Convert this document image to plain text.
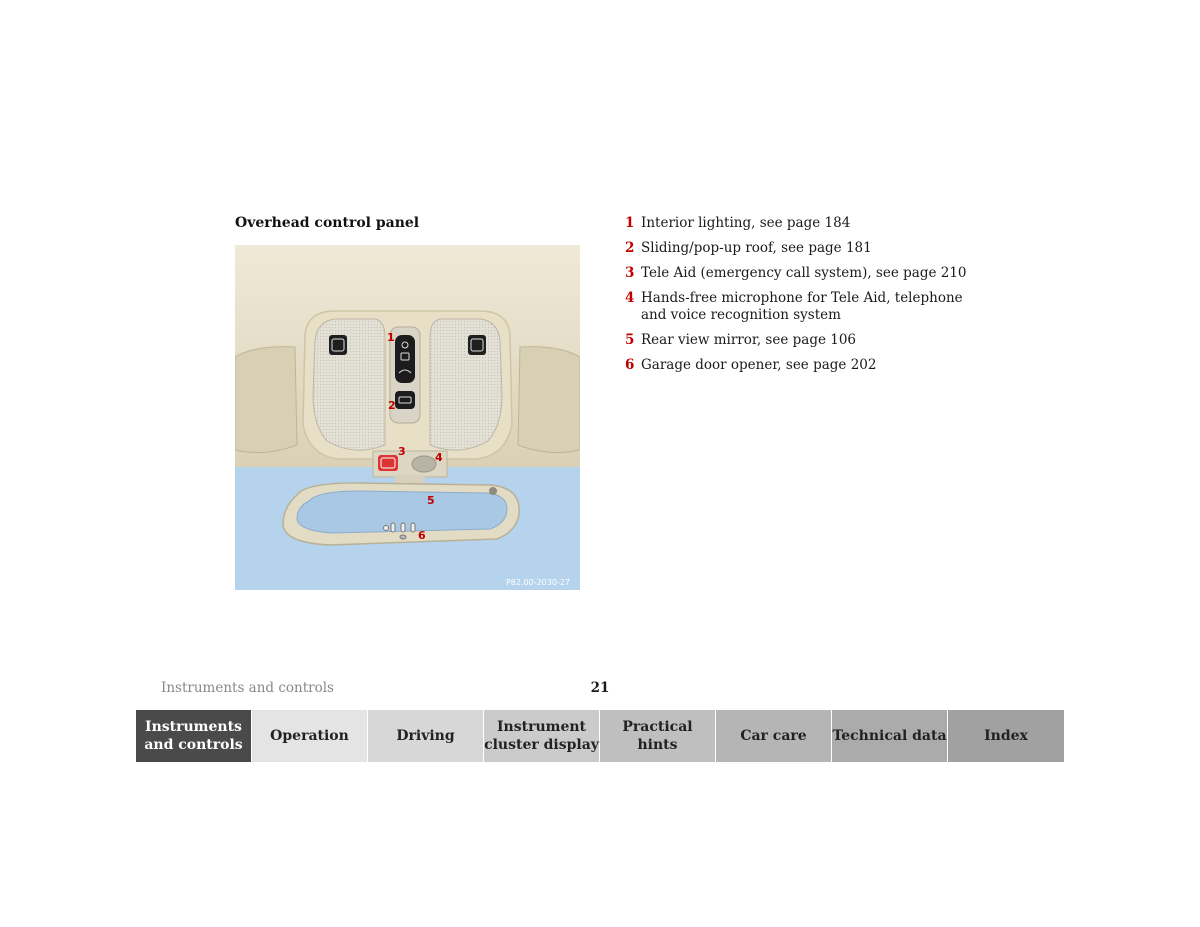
Overhead control panel
1
2
3	4
5
6
P82.00-2030-27
1 Interior lighting, see page 184
2 Sliding/pop-up roof, see page 181
3 Tele Aid (emergency call system), see page 210
4 Hands-free microphone for Tele Aid, telephone and voice recognition system
5 Rear view mirror, see page 106
6 Garage door opener, see page 202
Instruments and controls	21
Instruments and controls
Operation	Driving
Instrument cluster display
Practical hints
Car care	Technical data	Index
